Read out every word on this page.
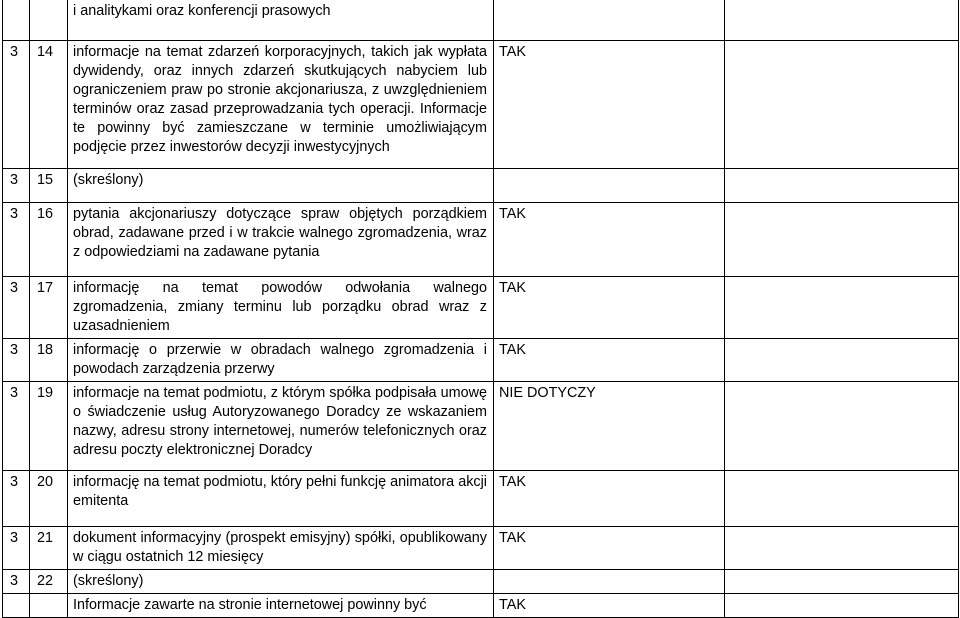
		i analitykami oraz konferencji prasowych		
3	14	informacje na temat zdarzeń korporacyjnych, takich jak wypłata dywidendy, oraz innych zdarzeń skutkujących nabyciem lub ograniczeniem praw po stronie akcjonariusza, z uwzględnieniem terminów oraz zasad przeprowadzania tych operacji. Informacje te powinny być zamieszczane w terminie umożliwiającym podjęcie przez inwestorów decyzji inwestycyjnych	TAK	
3	15	(skreślony)		
3	16	pytania akcjonariuszy dotyczące spraw objętych porządkiem obrad, zadawane przed i w trakcie walnego zgromadzenia, wraz z odpowiedziami na zadawane pytania	TAK	
3	17	informację na temat powodów odwołania walnego zgromadzenia, zmiany terminu lub porządku obrad wraz z uzasadnieniem	TAK	
3	18	informację o przerwie w obradach walnego zgromadzenia i powodach zarządzenia przerwy	TAK	
3	19	informacje na temat podmiotu, z którym spółka podpisała umowę o świadczenie usług Autoryzowanego Doradcy ze wskazaniem nazwy, adresu strony internetowej, numerów telefonicznych oraz adresu poczty elektronicznej Doradcy	NIE DOTYCZY	
3	20	informację na temat podmiotu, który pełni funkcję animatora akcji emitenta	TAK	
3	21	dokument informacyjny (prospekt emisyjny) spółki, opublikowany w ciągu ostatnich 12 miesięcy	TAK	
3	22	(skreślony)		
		Informacje zawarte na stronie internetowej powinny być	TAK	
